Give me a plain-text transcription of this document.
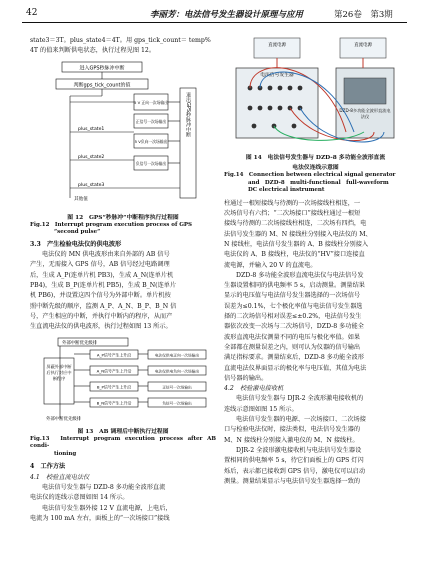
42	李丽芳：电法信号发生器设计原理与应用	第26卷　第3期

state3＝3T。plus_state4＝4T。用 gps_tick_count＝ temp%

4T 的值来判断供电状态，执行过程见图 12。

进入GPS秒脉冲中断
判断gps_tick_count的值
plus_state1
plus_state2
plus_state3
其他值
5 V 正向一次场输出
正信号一次场输出
5 V负向一次场输出
负信号一次场输出
退出GPS秒脉冲中断
图 12　GPS“秒脉冲”中断程序执行过程图
Fig.12　Interrupt program execution process of GPS
“second pulse”

3.3　产生检验电法仪的供电波形

电法仪的 MN 供电波形由来自外部的 AB 信号

产生，无需接入 GPS 信号，AB 信号经过电路调理

后，生成 A_P(连单片机 PB3)，生成 A_N(连单片机

PB4)，生成 B_P(连单片机 PB5)，生成 B_N(连单片

机 PB6)，并设置这四个信号为外部中断。单片机按

照中断先级的顺序，监测 A_P、A_N、B_P、B_N 信

号，产生相应的中断，并执行中断内的程序，从而产

生直流电法仪的供电波形，执行过程如图 13 所示。

外部中断优先级排
屏蔽外部中断后执行对应中断程序
A_P信号产生上升沿
A_N信号产生上升沿
B_P信号产生上升沿
B_N信号产生上升沿
电法仪供电正向一次场输出
电法仪供电负向一次场输出
正信号一次场输出
负信号一次场输出
外部中断优先级排
图 13　AB 调理后中断执行过程图
Fig.13　Interrupt program execution process after AB condi-
tioning

4　工作方法

4.1　校验直流电法仪

电法信号发生器与 DZD-8 多功能全波形直流

电法仪的连线示意图如图 14 所示。

电法信号发生器外接 12 V 直流电源，上电后，

电流为 100 mA 左右，面板上的“一次场接口”接线

直流电源	直流电源
电法信号发生器
DZD-8多功能全波形直流电法仪
图 14　电法信号发生器与 DZD-8 多功能全波形直流
电法仪连线示意图
Fig.14　Connection between electrical signal generator
and　DZD-8　multi-functional　full-waveform
DC electrical instrument

柱通过一根短接线与待测的一次场接线柱相连，一

次场信号有六挡；“二次场接口”接线柱通过一根短

接线与待测的二次场接线柱相连，二次场有四挡，电

法信号发生器的 M、N 接线柱分别接入电法仪的 M、

N 接线柱，电法信号发生器的 A、B 接线柱分别接入

电法仪的 A、B 接线柱，电法仪的“HV”接口连接直

流电源，并输入 20 V 的直流电。

DZD-8 多功能全波形直流电法仪与电法信号发

生器设置相同的供电频率 5 s，启动测量。测量结果

显示的电压值与电法信号发生器选择的一次场信号

误差为≤0.1%，七个极化率值与电法信号发生器选

择的二次场信号相对误差≤±0.2%，电法信号发生

器依次改变一次场与二次场信号，DZD-8 多功能全

波形直流电法仪测量不同的电压与极化率值。如果

全部都在测量误差之内，则可认为仪器的信号输出

满足指标要求。测量结束后，DZD-8 多功能全波形

直流电法仪界面显示的极化率与电压值，其值为电法

信号器的输出。

4.2　校验激电接收机

电法信号发生器与 DJR-2 全波形激电接收机的

连线示意图如图 15 所示。

电法信号发生器的电源、一次场接口、二次场接

口与检验电法仪时，接法类似，电法信号发生器的

M、N 接线柱分别接入激电仪的 M、N 接线柱。

DJR-2 全波形激电接收机与电法信号发生器设

置相同的供电频率 5 s，待它们面板上的 GPS 灯闪

烁后，表示都已接收到 GPS 信号，激电仪可以启动

测量。测量结果显示与电法信号发生器选择一致的
